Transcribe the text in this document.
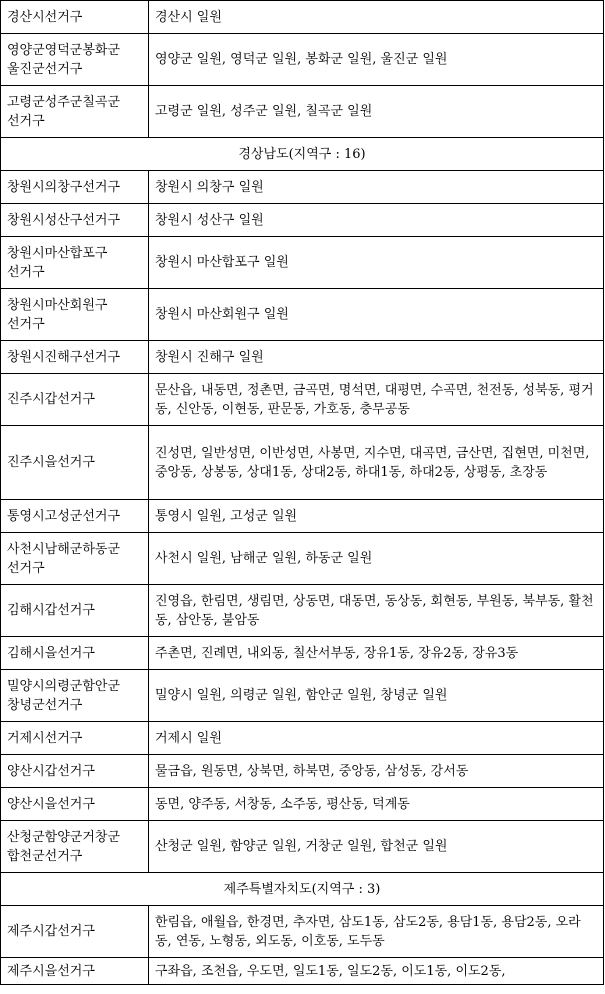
경산시선거구	경산시 일원

영양군영덕군봉화군
울진군선거구	영양군 일원, 영덕군 일원, 봉화군 일원, 울진군 일원

고령군성주군칠곡군
선거구	고령군 일원, 성주군 일원, 칠곡군 일원
경상남도(지역구 : 16)	

창원시의창구선거구	창원시 의창구 일원

창원시성산구선거구	창원시 성산구 일원

창원시마산합포구
선거구	창원시 마산합포구 일원

창원시마산회원구
선거구	창원시 마산회원구 일원

창원시진해구선거구	창원시 진해구 일원

진주시갑선거구	문산읍, 내동면, 정촌면, 금곡면, 명석면, 대평면, 수곡면, 천전동, 성북동, 평거동, 신안동, 이현동, 판문동, 가호동, 충무공동

진주시을선거구	진성면, 일반성면, 이반성면, 사봉면, 지수면, 대곡면, 금산면, 집현면, 미천면, 중앙동, 상봉동, 상대1동, 상대2동, 하대1동, 하대2동, 상평동, 초장동

통영시고성군선거구	통영시 일원, 고성군 일원

사천시남해군하동군
선거구	사천시 일원, 남해군 일원, 하동군 일원

김해시갑선거구	진영읍, 한림면, 생림면, 상동면, 대동면, 동상동, 회현동, 부원동, 북부동, 활천동, 삼안동, 불암동

김해시을선거구	주촌면, 진례면, 내외동, 칠산서부동, 장유1동, 장유2동, 장유3동

밀양시의령군함안군
창녕군선거구	밀양시 일원, 의령군 일원, 함안군 일원, 창녕군 일원

거제시선거구	거제시 일원

양산시갑선거구	물금읍, 원동면, 상북면, 하북면, 중앙동, 삼성동, 강서동

양산시을선거구	동면, 양주동, 서창동, 소주동, 평산동, 덕계동

산청군함양군거창군
합천군선거구	산청군 일원, 함양군 일원, 거창군 일원, 합천군 일원
제주특별자치도(지역구 : 3)	

제주시갑선거구	한림읍, 애월읍, 한경면, 추자면, 삼도1동, 삼도2동, 용담1동, 용담2동, 오라동, 연동, 노형동, 외도동, 이호동, 도두동

제주시을선거구	구좌읍, 조천읍, 우도면, 일도1동, 일도2동, 이도1동, 이도2동,
